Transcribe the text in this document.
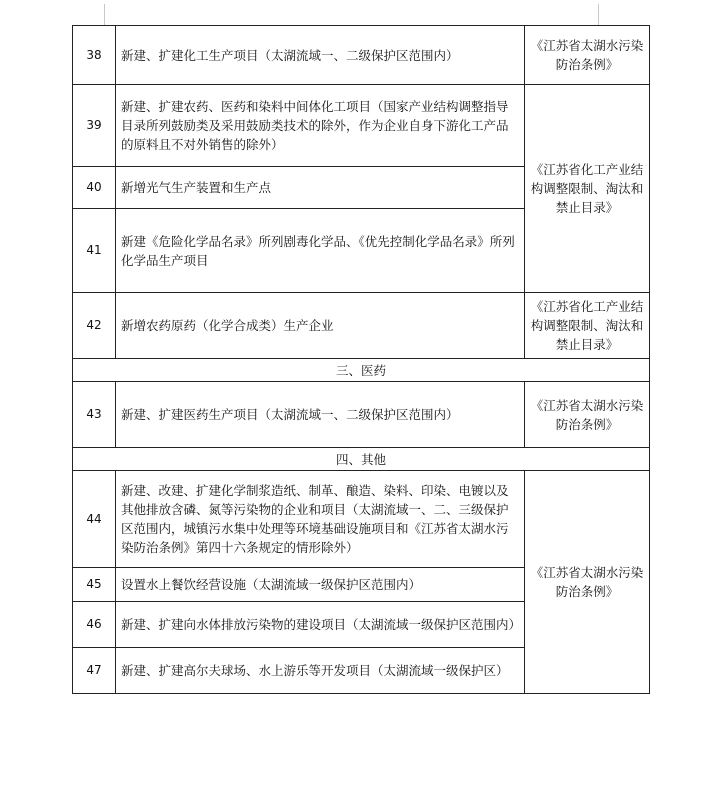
38	新建、扩建化工生产项目（太湖流域一、二级保护区范围内）	《江苏省太湖水污染防治条例》
39	新建、扩建农药、医药和染料中间体化工项目（国家产业结构调整指导目录所列鼓励类及采用鼓励类技术的除外，作为企业自身下游化工产品的原料且不对外销售的除外）	《江苏省化工产业结构调整限制、淘汰和禁止目录》
40	新增光气生产装置和生产点	
41	新建《危险化学品名录》所列剧毒化学品、《优先控制化学品名录》所列化学品生产项目	
42	新增农药原药（化学合成类）生产企业	《江苏省化工产业结构调整限制、淘汰和禁止目录》
三、医药		
43	新建、扩建医药生产项目（太湖流域一、二级保护区范围内）	《江苏省太湖水污染防治条例》
四、其他		
44	新建、改建、扩建化学制浆造纸、制革、酿造、染料、印染、电镀以及其他排放含磷、氮等污染物的企业和项目（太湖流域一、二、三级保护区范围内，城镇污水集中处理等环境基础设施项目和《江苏省太湖水污染防治条例》第四十六条规定的情形除外）	《江苏省太湖水污染防治条例》
45	设置水上餐饮经营设施（太湖流域一级保护区范围内）	
46	新建、扩建向水体排放污染物的建设项目（太湖流域一级保护区范围内）	
47	新建、扩建高尔夫球场、水上游乐等开发项目（太湖流域一级保护区）	
